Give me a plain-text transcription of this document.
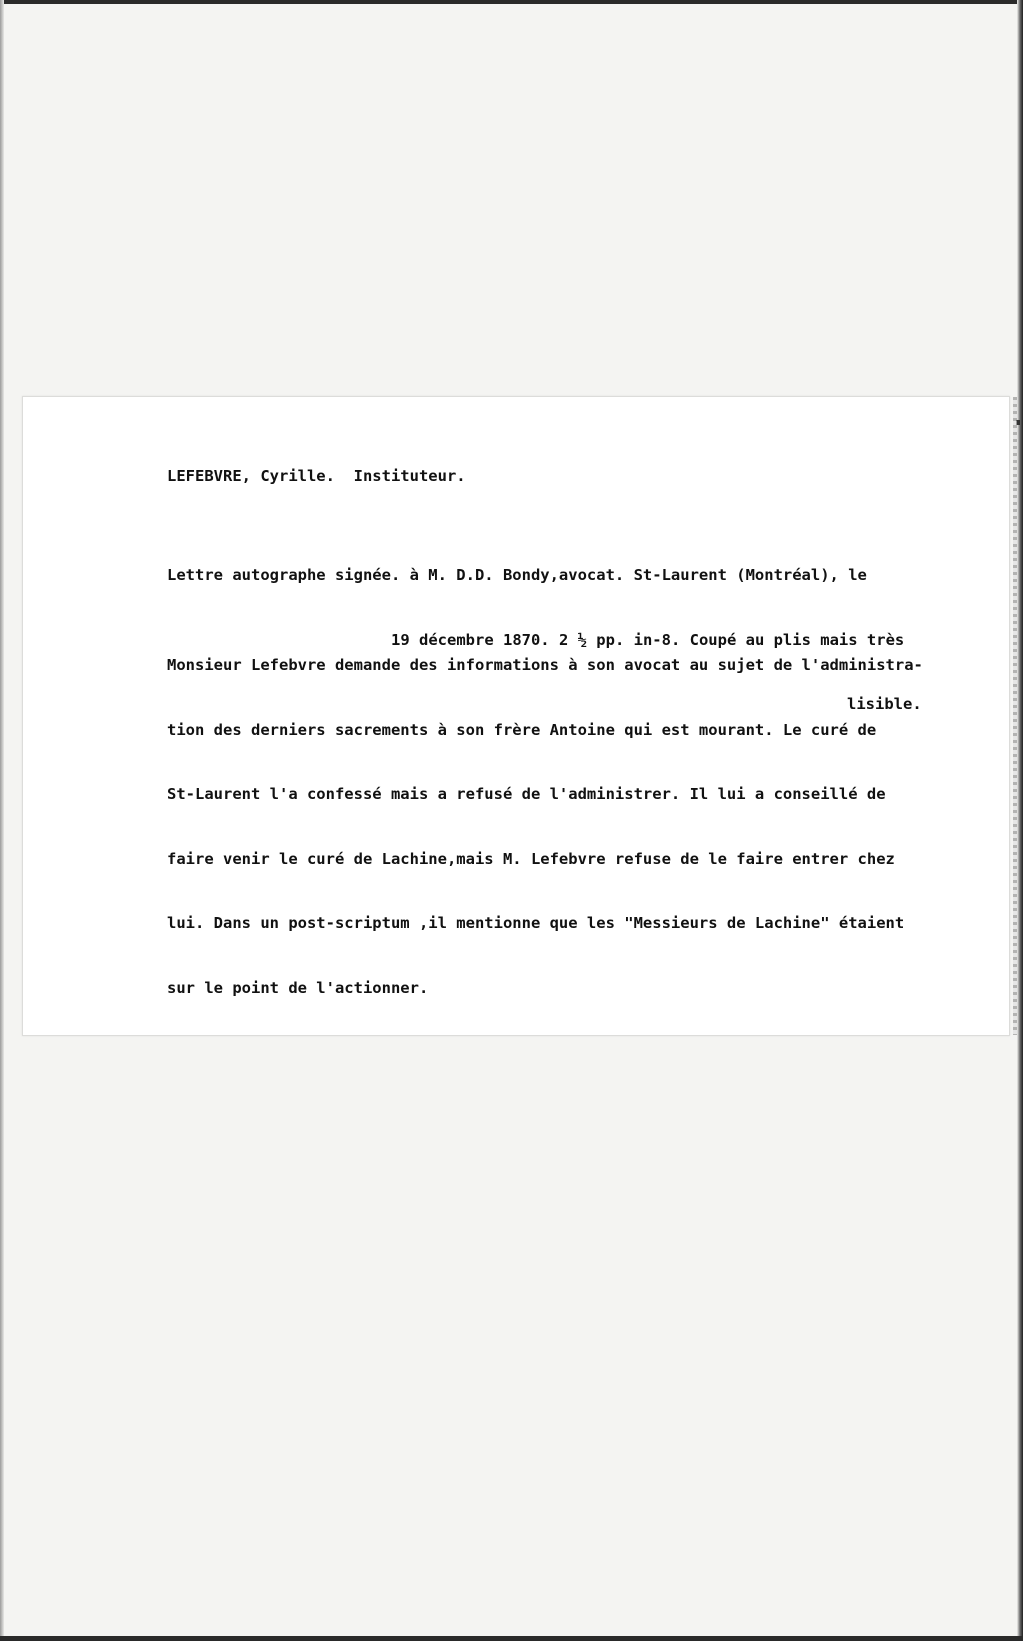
LEFEBVRE, Cyrille.  Instituteur.

Lettre autographe signée. à M. D.D. Bondy,avocat. St-Laurent (Montréal), le

19 décembre 1870. 2 ½ pp. in-8. Coupé au plis mais très

lisible.

Monsieur Lefebvre demande des informations à son avocat au sujet de l'administra-

tion des derniers sacrements à son frère Antoine qui est mourant. Le curé de

St-Laurent l'a confessé mais a refusé de l'administrer. Il lui a conseillé de

faire venir le curé de Lachine,mais M. Lefebvre refuse de le faire entrer chez

lui. Dans un post-scriptum ,il mentionne que les "Messieurs de Lachine" étaient

sur le point de l'actionner.
